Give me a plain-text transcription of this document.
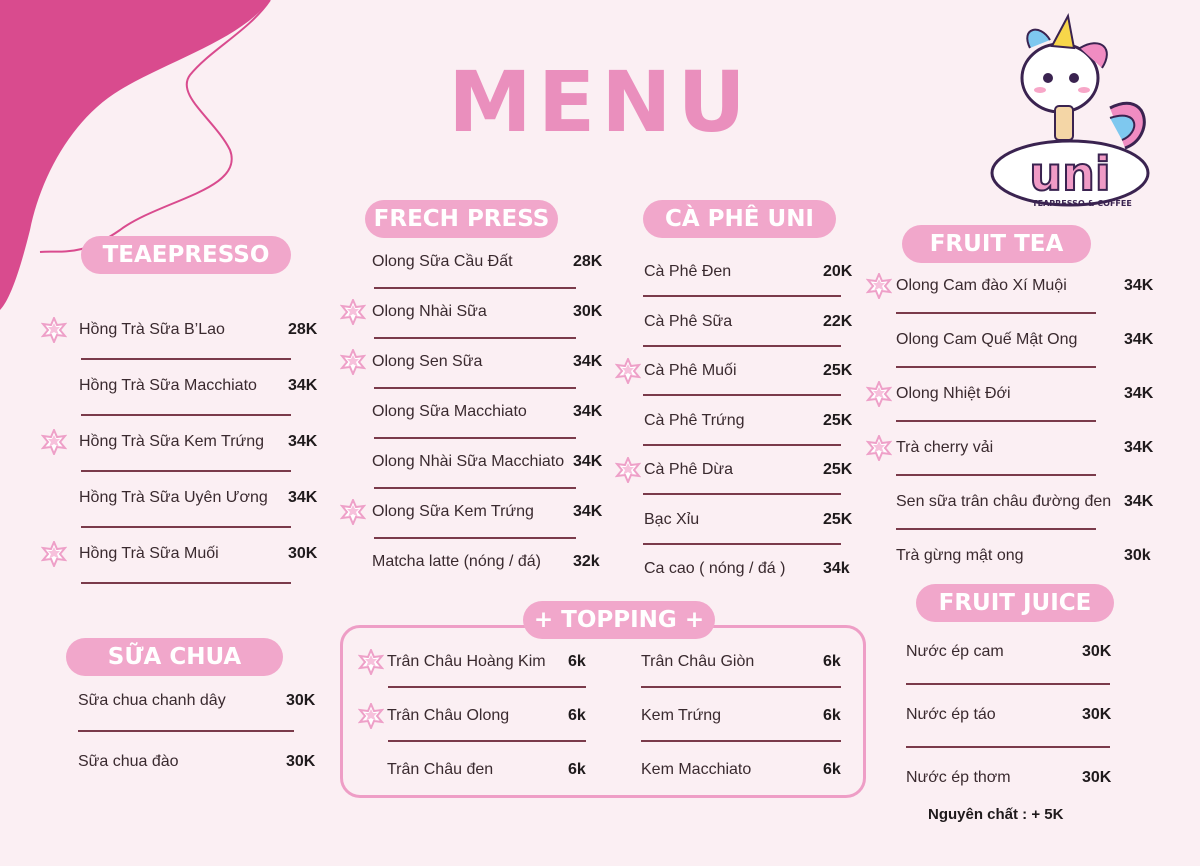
MENU
uni
TEAPRESSO & COFFEE
TEAEPRESSO
SỮA CHUA
FRECH PRESS	CÀ PHÊ UNI
FRUIT TEA
FRUIT JUICE
+ TOPPING +
Hồng Trà Sữa B’Lao	28K
Hồng Trà Sữa Macchiato 34K
Hồng Trà Sữa Kem Trứng 34K
Hồng Trà Sữa Uyên Ương 34K
Hồng Trà Sữa Muối	30K
Sữa chua chanh dây	30K
Sữa chua đào	30K
Olong Sữa Cầu Đất	28K
Olong Nhài Sữa	30K
Olong Sen Sữa	34K
Olong Sữa Macchiato	34K
Olong Nhài Sữa Macchiato 34K
Olong Sữa Kem Trứng 34K
Matcha latte (nóng / đá) 32k
Cà Phê Đen	20K
Cà Phê Sữa	22K
Cà Phê Muối	25K
Cà Phê Trứng	25K
Cà Phê Dừa	25K
Bạc Xỉu	25K
Ca cao ( nóng / đá ) 34k
Olong Cam đào Xí Muội	34K
Olong Cam Quế Mật Ong	34K
Olong Nhiệt Đới	34K
Trà cherry vải	34K
Sen sữa trân châu đường đen 34K
Trà gừng mật ong	30k
Nước ép cam	30K
Nước ép táo	30K
Nước ép thơm	30K
Trân Châu Hoàng Kim 6k
Trân Châu Olong	6k
Trân Châu đen	6k
Trân Châu Giòn	6k
Kem Trứng	6k
Kem Macchiato	6k
Nguyên chất : + 5K
